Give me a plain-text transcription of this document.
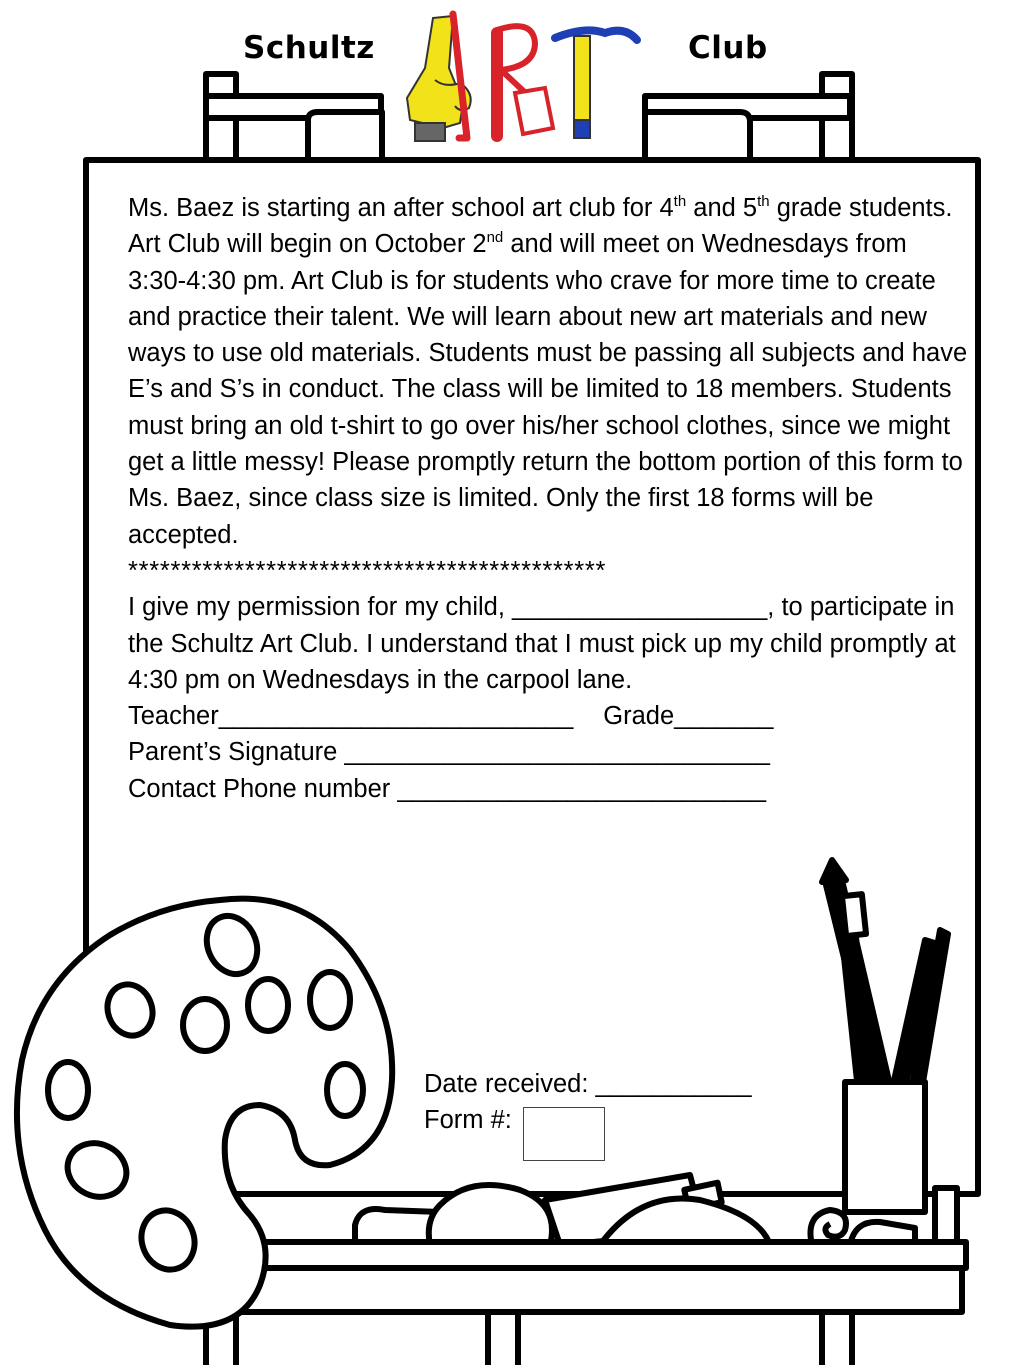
Schultz	Club

Ms. Baez is starting an after school art club for 4th and 5th grade students. Art Club will begin on October 2nd and will meet on Wednesdays from 3:30-4:30 pm. Art Club is for students who crave for more time to create and practice their talent. We will learn about new art materials and new ways to use old materials. Students must be passing all subjects and have E’s and S’s in conduct. The class will be limited to 18 members. Students must bring an old t-shirt to go over his/her school clothes, since we might get a little messy! Please promptly return the bottom portion of this form to Ms. Baez, since class size is limited. Only the first 18 forms will be accepted.

*********************************************

I give my permission for my child, __________________, to participate in the Schultz Art Club. I understand that I must pick up my child promptly at 4:30 pm on Wednesdays in the carpool lane.

Teacher_________________________ Grade_______

Parent’s Signature ______________________________

Contact Phone number __________________________

Date received: ___________
Form #:
